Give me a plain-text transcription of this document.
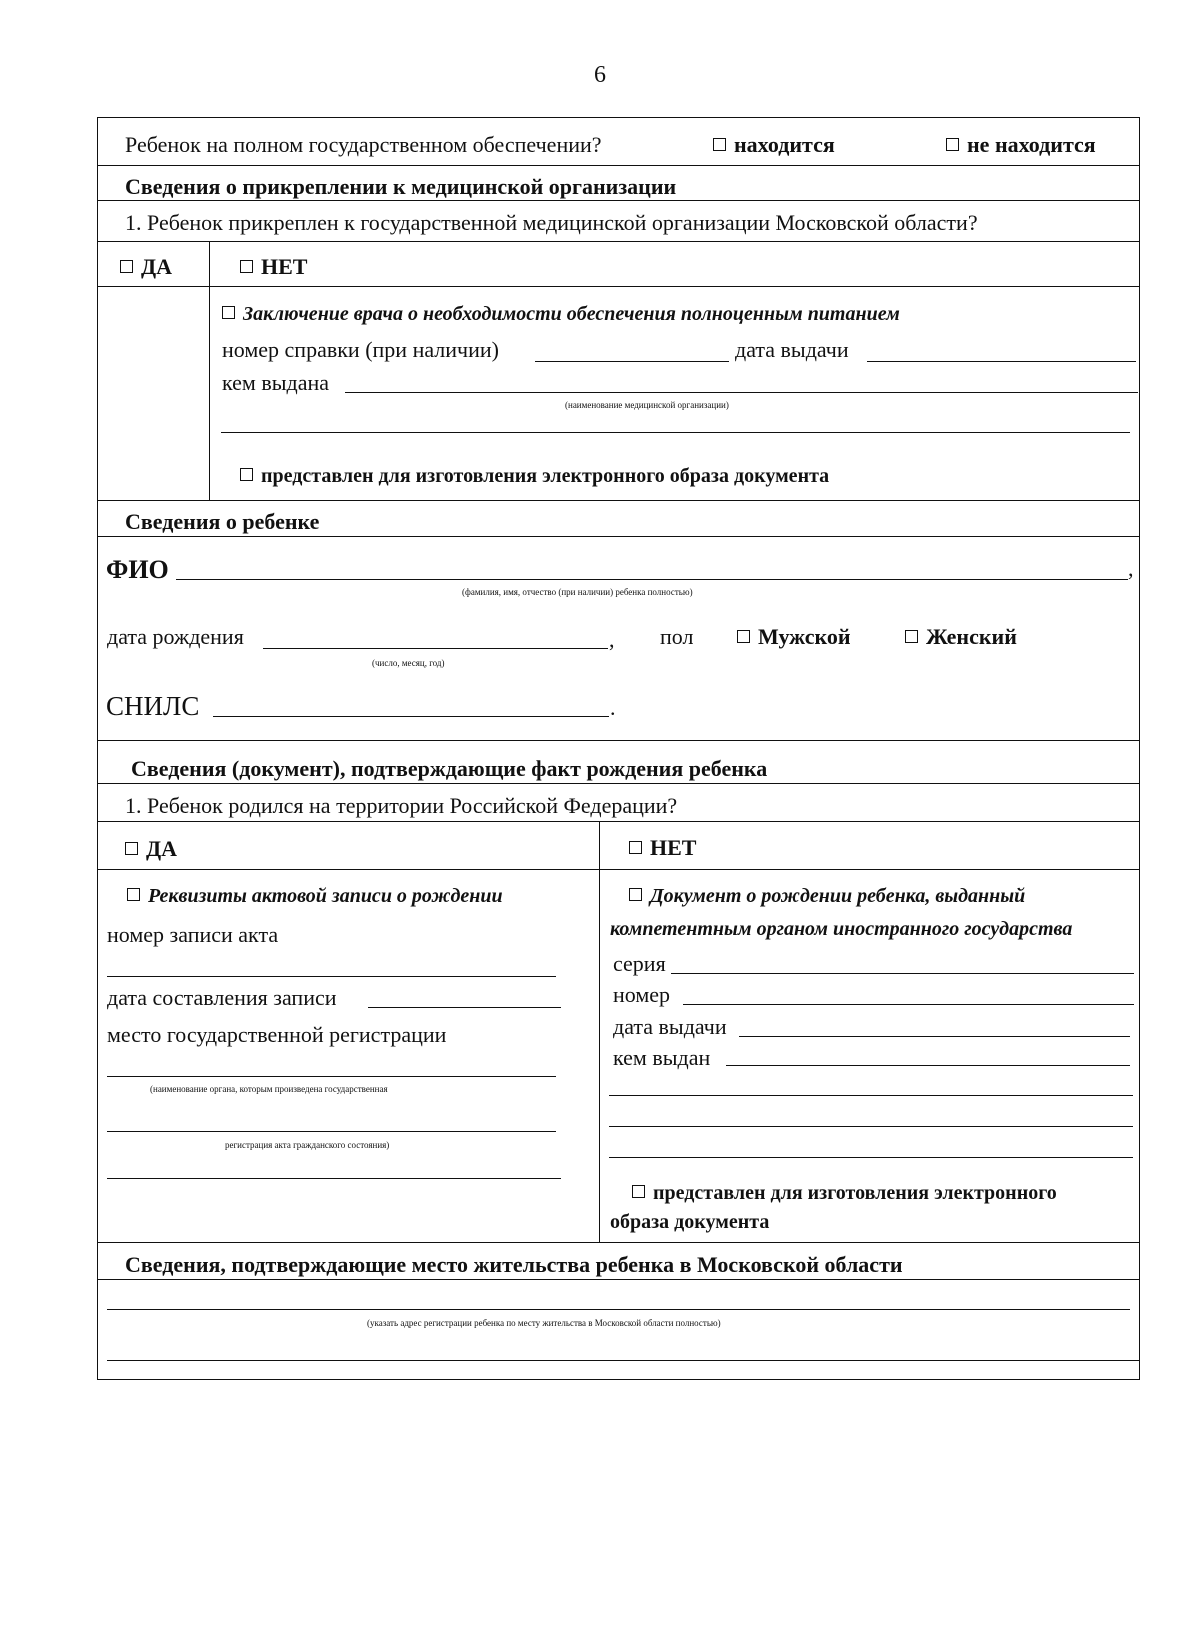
6
Ребенок на полном государственном обеспечении?	находится	не находится
Сведения о прикреплении к медицинской организации
1. Ребенок прикреплен к государственной медицинской организации Московской области?
ДА	НЕТ
Заключение врача о необходимости обеспечения полноценным питанием
номер справки (при наличии)	дата выдачи
кем выдана
(наименование медицинской организации)
представлен для изготовления электронного образа документа
Сведения о ребенке
ФИО	,
(фамилия, имя, отчество (при наличии) ребенка полностью)
дата рождения	,
(число, месяц, год)
пол	Мужской	Женский
СНИЛС	.
Сведения (документ), подтверждающие факт рождения ребенка
1. Ребенок родился на территории Российской Федерации?
ДА	НЕТ
Реквизиты актовой записи о рождении
номер записи акта
дата составления записи
место государственной регистрации
(наименование органа, которым произведена государственная
регистрация акта гражданского состояния)
Документ о рождении ребенка, выданный
компетентным органом иностранного государства
серия
номер
дата выдачи
кем выдан
представлен для изготовления электронного
образа документа
Сведения, подтверждающие место жительства ребенка в Московской области
(указать адрес регистрации ребенка по месту жительства в Московской области полностью)
